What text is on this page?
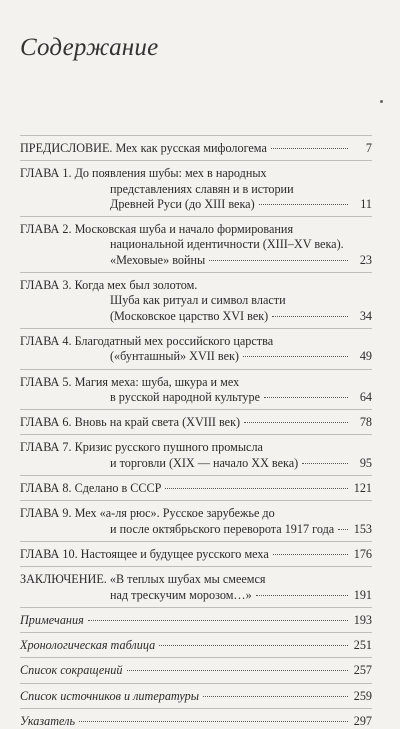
Содержание
ПРЕДИСЛОВИЕ. Мех как русская мифологема	7
ГЛАВА 1. До появления шубы: мех в народных
представлениях славян и в истории
Древней Руси (до XIII века)	11
ГЛАВА 2. Московская шуба и начало формирования
национальной идентичности (XIII–XV века).
«Меховые» войны	23
ГЛАВА 3. Когда мех был золотом.
Шуба как ритуал и символ власти
(Московское царство XVI век)	34
ГЛАВА 4. Благодатный мех российского царства
(«бунташный» XVII век)	49
ГЛАВА 5. Магия меха: шуба, шкура и мех
в русской народной культуре	64
ГЛАВА 6. Вновь на край света (XVIII век)	78
ГЛАВА 7. Кризис русского пушного промысла
и торговли (XIX — начало XX века)	95
ГЛАВА 8. Сделано в СССР	121
ГЛАВА 9. Мех «а-ля рюс». Русское зарубежье до
и после октябрьского переворота 1917 года 153
ГЛАВА 10. Настоящее и будущее русского меха	176
ЗАКЛЮЧЕНИЕ. «В теплых шубах мы смеемся
над трескучим морозом…»	191
Примечания	193
Хронологическая таблица	251
Список сокращений	257
Список источников и литературы	259
Указатель	297
